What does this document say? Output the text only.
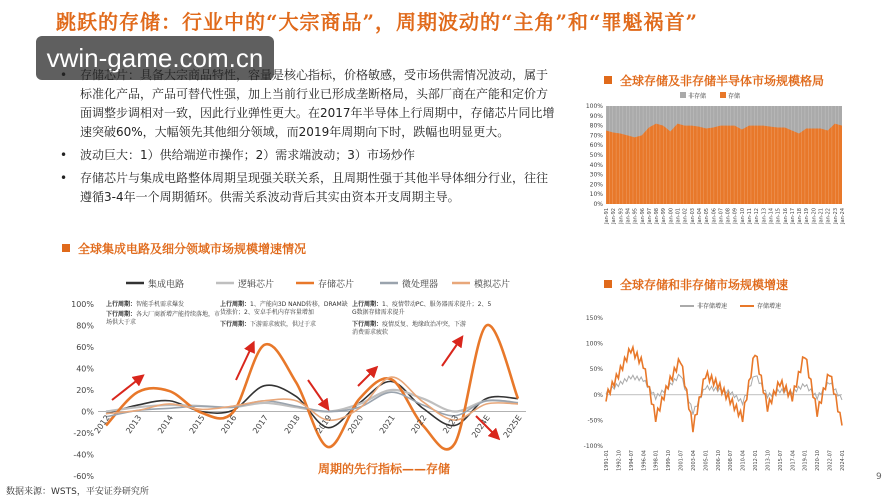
跳跃的存储：行业中的“大宗商品”，周期波动的“主角”和“罪魁祸首”
vwin-game.com.cn
• 存储芯片：具备大宗商品特性，容量是核心指标，价格敏感，受市场供需情况波动，属于标准化产品，产品可替代性强，加上当前行业已形成垄断格局，头部厂商在产能和定价方面调整步调相对一致，因此行业弹性更大。在2017年半导体上行周期中，存储芯片同比增速突破60%，大幅领先其他细分领域，而2019年周期向下时，跌幅也明显更大。
• 波动巨大：1）供给端逆市操作；2）需求端波动；3）市场炒作
• 存储芯片与集成电路整体周期呈现强关联关系，且周期性强于其他半导体细分行业，往往遵循3-4年一个周期循环。供需关系波动背后其实由资本开支周期主导。
全球集成电路及细分领域市场规模增速情况
全球存储及非存储半导体市场规模格局
全球存储和非存储市场规模增速
集成电路	逻辑芯片	存储芯片	微处理器	模拟芯片
100%
80%
60%
40%
20%
0%
-20%
-40%
-60%
2012 2013 2014 2015 2016 2017 2018 2019 2020 2021 2022 2023 2024E 2025E
上行周期：智能手机需求爆发
下行周期：各大厂商新增产能持续落地，市
场供大于求
上行周期：1、产能向3D NAND转移，DRAM缺
货涨价；2、安卓手机内存容量增加
下行周期：下游需求疲软，供过于求
上行周期：1、疫情带动PC、服务器需求提升；2、5
G数据存储需求提升
下行周期：疫情反复、地缘政治冲突，下游
消费需求疲软
非存储	存储
100%
90%
80%
70%
60%
50%
40%
30%
20%
10%
0%
Jan-91 Jan-92 Jan-93 Jan-94 Jan-95 Jan-96 Jan-97 Jan-98 Jan-99 Jan-00 Jan-01 Jan-02 Jan-03 Jan-04 Jan-05 Jan-06 Jan-07 Jan-08 Jan-09 Jan-10 Jan-11 Jan-12 Jan-13 Jan-14 Jan-15 Jan-16 Jan-17 Jan-18 Jan-19 Jan-20 Jan-21 Jan-22 Jan-23 Jan-24
非存储增速	存储增速
150%
100%
50%
0%
-50%
-100%
1991-01 1992-10 1994-07 1996-04 1998-01 1999-10 2001-07 2003-04 2005-01 2006-10 2008-07 2010-04 2012-01 2013-10 2015-07 2017-04 2019-01 2020-10 2022-07 2024-01
周期的先行指标——存储
数据来源：WSTS，平安证券研究所
9
